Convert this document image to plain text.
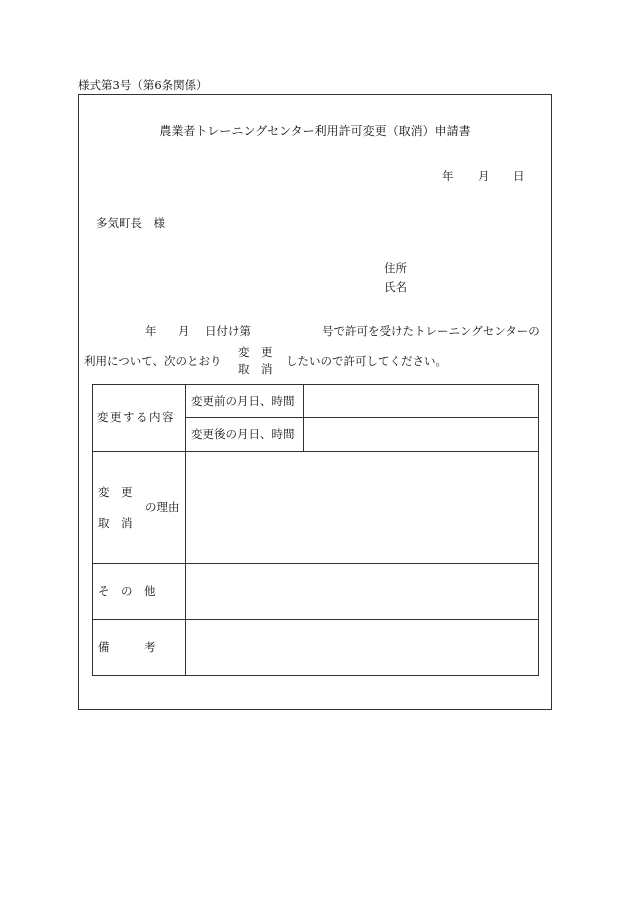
様式第3号（第6条関係）
農業者トレーニングセンター利用許可変更（取消）申請書
年 月 日
多気町長　様
住所
氏名
年 月 日付け第	号で許可を受けたトレーニングセンターの
利用について、次のとおり
変　更
取　消
したいので許可してください。
変更する内容
変更前の月日、時間
変更後の月日、時間
変　更
の理由
取　消
そ　の　他
備　　　考
